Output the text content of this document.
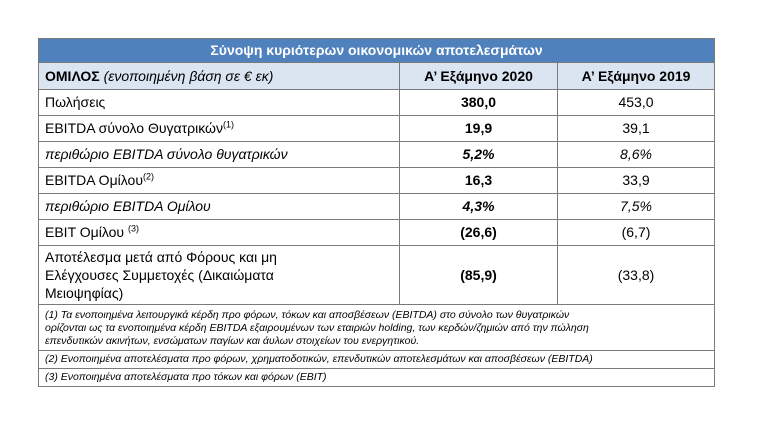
Σύνοψη κυριότερων οικονομικών αποτελεσμάτων		
ΟΜΙΛΟΣ (ενοποιημένη βάση σε € εκ)	Α’ Εξάμηνο 2020	Α’ Εξάμηνο 2019
Πωλήσεις	380,0	453,0
EBITDA σύνολο Θυγατρικών$^{(1)}$	19,9	39,1
περιθώριο EBITDA σύνολο θυγατρικών	5,2%	8,6%
EBITDA Ομίλου$^{(2)}$	16,3	33,9
περιθώριο EBITDA Ομίλου	4,3%	7,5%
EBIT Ομίλου $^{(3)}$	(26,6)	(6,7)

Αποτέλεσμα μετά από Φόρους και μη
Ελέγχουσες Συμμετοχές (Δικαιώματα
Μειοψηφίας)	(85,9)	(33,8)

(1) Τα ενοποιημένα λειτουργικά κέρδη προ φόρων, τόκων και αποσβέσεων (EBITDA) στο σύνολο των θυγατρικών
ορίζονται ως τα ενοποιημένα κέρδη EBITDA εξαιρουμένων των εταιριών holding, των κερδών/ζημιών από την πώληση
επενδυτικών ακινήτων, ενσώματων παγίων και άυλων στοιχείων του ενεργητικού.		

(2) Ενοποιημένα αποτελέσματα προ φόρων, χρηματοδοτικών, επενδυτικών αποτελεσμάτων και αποσβέσεων (EBITDA)		
(3) Ενοποιημένα αποτελέσματα προ τόκων και φόρων (EBIT)		
